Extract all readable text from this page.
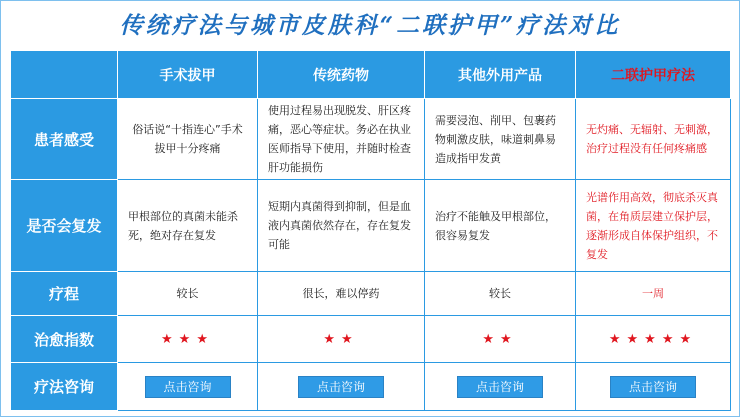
传统疗法与城市皮肤科“二联护甲”疗法对比
	手术拔甲	传统药物	其他外用产品	二联护甲疗法
患者感受	俗话说“十指连心”手术拔甲十分疼痛	使用过程易出现脱发、肝区疼痛，恶心等症状。务必在执业医师指导下使用，并随时检查肝功能损伤	需要浸泡、削甲、包裹药物刺激皮肤，味道刺鼻易造成指甲发黄	无灼痛、无辐射、无刺激，治疗过程没有任何疼痛感
是否会复发	甲根部位的真菌未能杀死，绝对存在复发	短期内真菌得到抑制，但是血液内真菌依然存在，存在复发可能	治疗不能触及甲根部位，很容易复发	光谱作用高效，彻底杀灭真菌，在角质层建立保护层，逐渐形成自体保护组织，不复发
疗程	较长	很长，难以停药	较长	一周
治愈指数	★★★	★★	★★	★★★★★
疗法咨询	点击咨询	点击咨询	点击咨询	点击咨询
